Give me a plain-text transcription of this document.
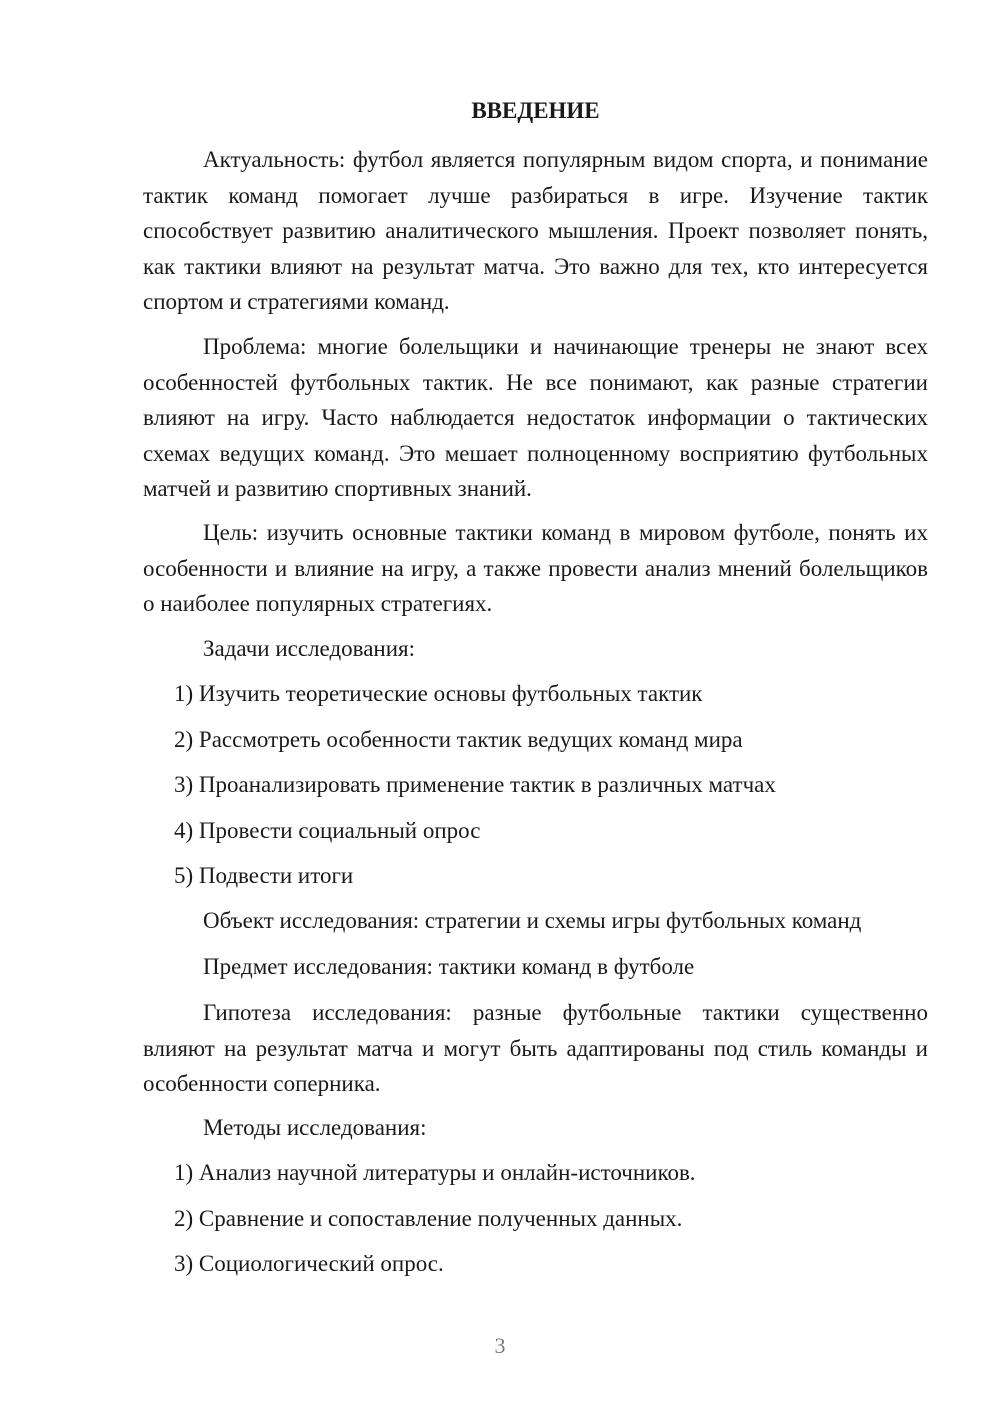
ВВЕДЕНИЕ

Актуальность: футбол является популярным видом спорта, и понимание тактик команд помогает лучше разбираться в игре. Изучение тактик способствует развитию аналитического мышления. Проект позволяет понять, как тактики влияют на результат матча. Это важно для тех, кто интересуется спортом и стратегиями команд.

Проблема: многие болельщики и начинающие тренеры не знают всех особенностей футбольных тактик. Не все понимают, как разные стратегии влияют на игру. Часто наблюдается недостаток информации о тактических схемах ведущих команд. Это мешает полноценному восприятию футбольных матчей и развитию спортивных знаний.

Цель: изучить основные тактики команд в мировом футболе, понять их особенности и влияние на игру, а также провести анализ мнений болельщиков о наиболее популярных стратегиях.

Задачи исследования:

1) Изучить теоретические основы футбольных тактик

2) Рассмотреть особенности тактик ведущих команд мира

3) Проанализировать применение тактик в различных матчах

4) Провести социальный опрос

5) Подвести итоги

Объект исследования: стратегии и схемы игры футбольных команд

Предмет исследования: тактики команд в футболе

Гипотеза исследования: разные футбольные тактики существенно влияют на результат матча и могут быть адаптированы под стиль команды и особенности соперника.

Методы исследования:

1) Анализ научной литературы и онлайн-источников.

2) Сравнение и сопоставление полученных данных.

3) Социологический опрос.

3
